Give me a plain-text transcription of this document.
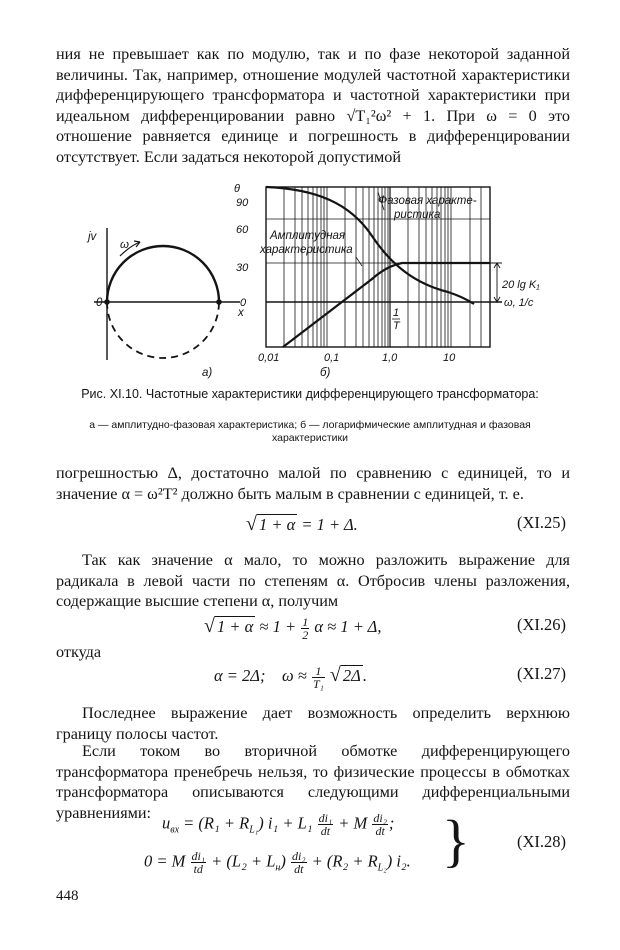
ния не превышает как по модулю, так и по фазе некоторой заданной величины. Так, например, отношение модулей частотной характеристики дифференцирующего трансформатора и частотной характеристики при идеальном дифференцировании равно √T₁²ω² + 1. При ω = 0 это отношение равняется единице и погрешность в дифференцировании отсутствует. Если задаться некоторой допустимой

jv
0
x
ω
а)
θ
90
60
30
0
0,01	0,1	1,0	10
Фазовая характе-
ристика
Амплитудная
характеристика
20 lg K₁
ω, 1/c
1
T
б)
Рис. XI.10. Частотные характеристики дифференцирующего трансформатора:
а — амплитудно-фазовая характеристика; б — логарифмические амплитудная и фазовая характеристики

погрешностью Δ, достаточно малой по сравнению с единицей, то и значение α = ω²T² должно быть малым в сравнении с единицей, т. е.

√ 1 + α = 1 + Δ.	(XI.25)

Так как значение α мало, то можно разложить выражение для радикала в левой части по степеням α. Отбросив члены разложения, содержащие высшие степени α, получим

√ $1 + \alpha \approx 1 + \frac{1}{2}$ α ≈ 1 + Δ,	(XI.26)

откуда

α = 2Δ;    $\omega \approx \frac{1}{\text{T₁}}$ √ 2Δ .	(XI.27)

Последнее выражение дает возможность определить верхнюю границу полосы частот.

Если током во вторичной обмотке дифференцирующего трансформатора пренебречь нельзя, то физические процессы в обмотках трансформатора описываются следующими дифференциальными уравнениями:

$u_{вх} = (R_1 + R_{L_1}) i_1 + L_1 \frac{\text{di₁}}{dt} + M \frac{\text{di₂}}{dt}$ ;
0 = M $\frac{\text{di₁}}{td} + (L_2 + L_н) \frac{\text{di₂}}{dt} + (R_2 + R_{L_2})$ i₂. }	(XI.28)
448
